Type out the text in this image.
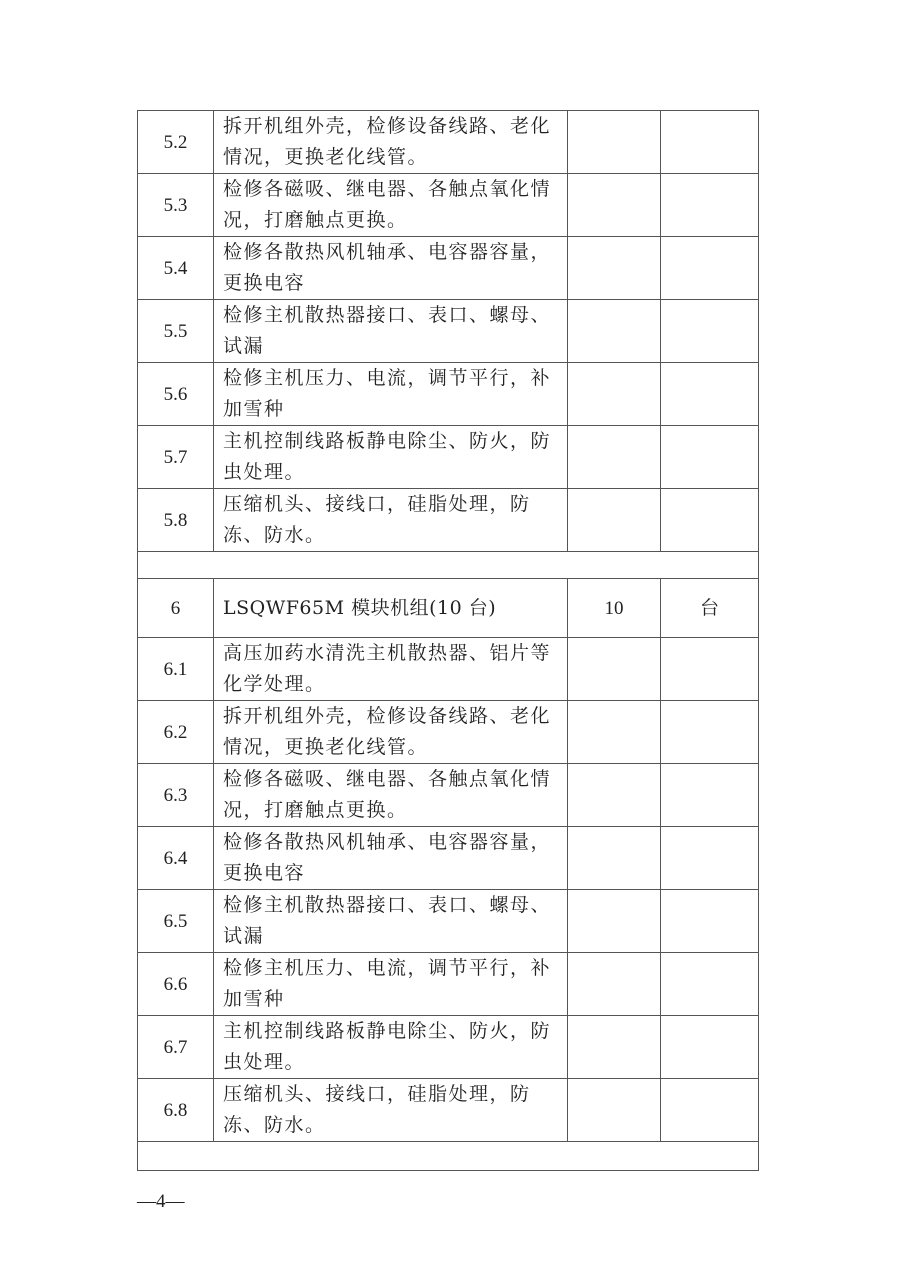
5.2	拆开机组外壳，检修设备线路、老化情况，更换老化线管。		
5.3	检修各磁吸、继电器、各触点氧化情况，打磨触点更换。		
5.4	检修各散热风机轴承、电容器容量，更换电容		
5.5	检修主机散热器接口、表口、螺母、试漏		
5.6	检修主机压力、电流，调节平行，补加雪种		
5.7	主机控制线路板静电除尘、防火，防虫处理。		
5.8	压缩机头、接线口，硅脂处理，防冻、防水。		

6	LSQWF65M 模块机组(10 台)	10	台
6.1	高压加药水清洗主机散热器、铝片等化学处理。		
6.2	拆开机组外壳，检修设备线路、老化情况，更换老化线管。		
6.3	检修各磁吸、继电器、各触点氧化情况，打磨触点更换。		
6.4	检修各散热风机轴承、电容器容量，更换电容		
6.5	检修主机散热器接口、表口、螺母、试漏		
6.6	检修主机压力、电流，调节平行，补加雪种		
6.7	主机控制线路板静电除尘、防火，防虫处理。		
6.8	压缩机头、接线口，硅脂处理，防冻、防水。		

—4—
